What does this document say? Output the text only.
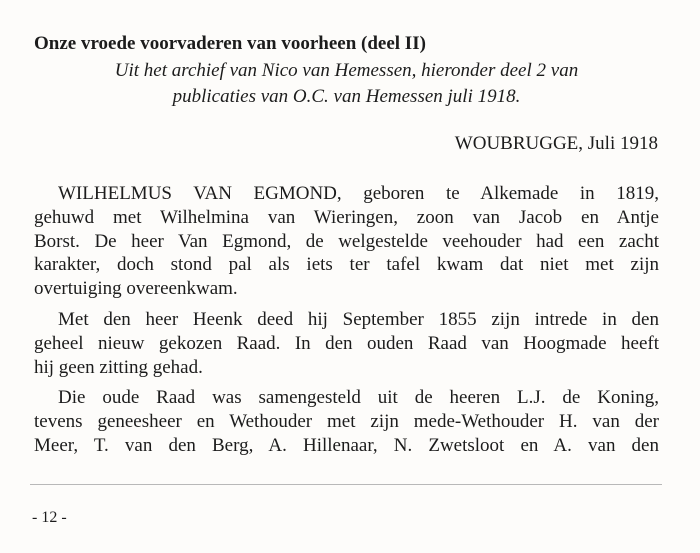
Onze vroede voorvaderen van voorheen (deel II)
Uit het archief van Nico van Hemessen, hieronder deel 2 van
publicaties van O.C. van Hemessen juli 1918.
WOUBRUGGE, Juli 1918

WILHELMUS VAN EGMOND, geboren te Alkemade in 1819,
gehuwd met Wilhelmina van Wieringen, zoon van Jacob en Antje
Borst. De heer Van Egmond, de welgestelde veehouder had een zacht
karakter, doch stond pal als iets ter tafel kwam dat niet met zijn
overtuiging overeenkwam.

Met den heer Heenk deed hij September 1855 zijn intrede in den
geheel nieuw gekozen Raad. In den ouden Raad van Hoogmade heeft
hij geen zitting gehad.

Die oude Raad was samengesteld uit de heeren L.J. de Koning,
tevens geneesheer en Wethouder met zijn mede-Wethouder H. van der
Meer, T. van den Berg, A. Hillenaar, N. Zwetsloot en A. van den

- 12 -
